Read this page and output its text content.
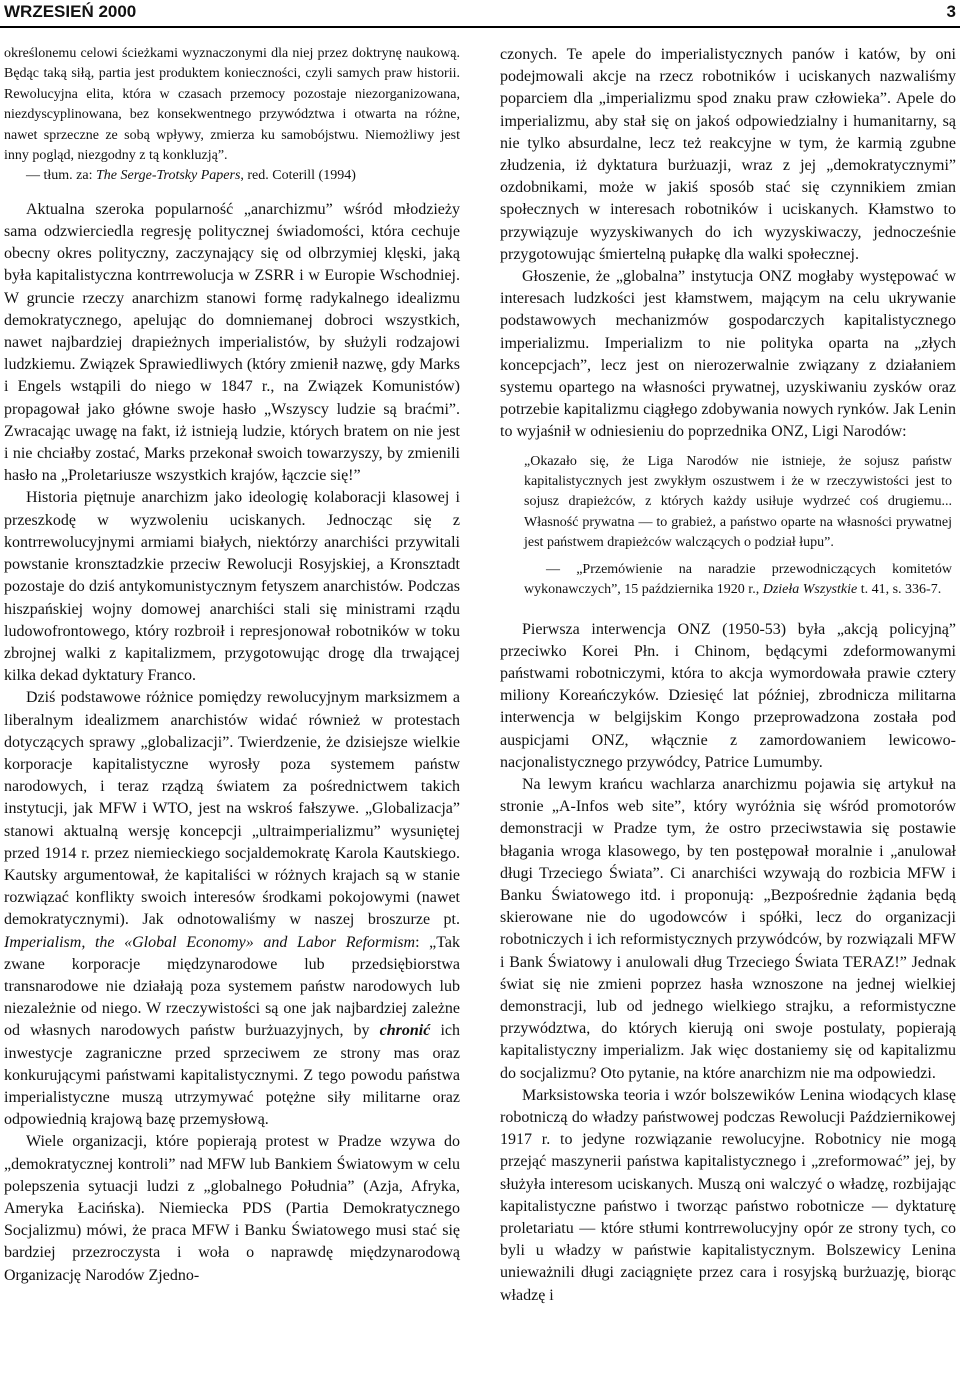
WRZESIEŃ 2000	3

określonemu celowi ścieżkami wyznaczonymi dla niej przez doktrynę naukową. Będąc taką siłą, partia jest produktem konieczności, czyli samych praw historii. Rewolucyjna elita, która w czasach przemocy pozostaje niezorganizowana, niezdyscyplinowana, bez konsekwentnego przywództwa i otwarta na różne, nawet sprzeczne ze sobą wpływy, zmierza ku samobójstwu. Niemożliwy jest inny pogląd, niezgodny z tą konkluzją”.

— tłum. za: The Serge-Trotsky Papers, red. Coterill (1994)

Aktualna szeroka popularność „anarchizmu” wśród młodzieży sama odzwierciedla regresję politycznej świadomości, która cechuje obecny okres polityczny, zaczynający się od olbrzymiej klęski, jaką była kapitalistyczna kontrrewolucja w ZSRR i w Europie Wschodniej. W gruncie rzeczy anarchizm stanowi formę radykalnego idealizmu demokratycznego, apelując do domniemanej dobroci wszystkich, nawet najbardziej drapieżnych imperialistów, by służyli rodzajowi ludzkiemu. Związek Sprawiedliwych (który zmienił nazwę, gdy Marks i Engels wstąpili do niego w 1847 r., na Związek Komunistów) propagował jako główne swoje hasło „Wszyscy ludzie są braćmi”. Zwracając uwagę na fakt, iż istnieją ludzie, których bratem on nie jest i nie chciałby zostać, Marks przekonał swoich towarzyszy, by zmienili hasło na „Proletariusze wszystkich krajów, łączcie się!”

Historia piętnuje anarchizm jako ideologię kolaboracji klasowej i przeszkodę w wyzwoleniu uciskanych. Jednocząc się z kontrrewolucyjnymi armiami białych, niektórzy anarchiści przywitali powstanie kronsztadzkie przeciw Rewolucji Rosyjskiej, a Kronsztadt pozostaje do dziś antykomunistycznym fetyszem anarchistów. Podczas hiszpańskiej wojny domowej anarchiści stali się ministrami rządu ludowofrontowego, który rozbroił i represjonował robotników w toku zbrojnej walki z kapitalizmem, przygotowując drogę dla trwającej kilka dekad dyktatury Franco.

Dziś podstawowe różnice pomiędzy rewolucyjnym marksizmem a liberalnym idealizmem anarchistów widać również w protestach dotyczących sprawy „globalizacji”. Twierdzenie, że dzisiejsze wielkie korporacje kapitalistyczne wyrosły poza systemem państw narodowych, i teraz rządzą światem za pośrednictwem takich instytucji, jak MFW i WTO, jest na wskroś fałszywe. „Globalizacja” stanowi aktualną wersję koncepcji „ultraimperializmu” wysuniętej przed 1914 r. przez niemieckiego socjaldemokratę Karola Kautskiego. Kautsky argumentował, że kapitaliści w różnych krajach są w stanie rozwiązać konflikty swoich interesów środkami pokojowymi (nawet demokratycznymi). Jak odnotowaliśmy w naszej broszurze pt. Imperialism, the «Global Economy» and Labor Reformism: „Tak zwane korporacje międzynarodowe lub przedsiębiorstwa transnarodowe nie działają poza systemem państw narodowych lub niezależnie od niego. W rzeczywistości są one jak najbardziej zależne od własnych narodowych państw burżuazyjnych, by chronić ich inwestycje zagraniczne przed sprzeciwem ze strony mas oraz konkurującymi państwami kapitalistycznymi. Z tego powodu państwa imperialistyczne muszą utrzymywać potężne siły militarne oraz odpowiednią krajową bazę przemysłową.

Wiele organizacji, które popierają protest w Pradze wzywa do „demokratycznej kontroli” nad MFW lub Bankiem Światowym w celu polepszenia sytuacji ludzi z „globalnego Południa” (Azja, Afryka, Ameryka Łacińska). Niemiecka PDS (Partia Demokratycznego Socjalizmu) mówi, że praca MFW i Banku Światowego musi stać się bardziej przezroczysta i woła o naprawdę międzynarodową Organizację Narodów Zjedno-

czonych. Te apele do imperialistycznych panów i katów, by oni podejmowali akcje na rzecz robotników i uciskanych nazwaliśmy poparciem dla „imperializmu spod znaku praw człowieka”. Apele do imperializmu, aby stał się on jakoś odpowiedzialny i humanitarny, są nie tylko absurdalne, lecz też reakcyjne w tym, że karmią zgubne złudzenia, iż dyktatura burżuazji, wraz z jej „demokratycznymi” ozdobnikami, może w jakiś sposób stać się czynnikiem zmian społecznych w interesach robotników i uciskanych. Kłamstwo to przywiązuje wyzyskiwanych do ich wyzyskiwaczy, jednocześnie przygotowując śmiertelną pułapkę dla walki społecznej.

Głoszenie, że „globalna” instytucja ONZ mogłaby występować w interesach ludzkości jest kłamstwem, mającym na celu ukrywanie podstawowych mechanizmów gospodarczych kapitalistycznego imperializmu. Imperializm to nie polityka oparta na „złych koncepcjach”, lecz jest on nierozerwalnie związany z działaniem systemu opartego na własności prywatnej, uzyskiwaniu zysków oraz potrzebie kapitalizmu ciągłego zdobywania nowych rynków. Jak Lenin to wyjaśnił w odniesieniu do poprzednika ONZ, Ligi Narodów:

„Okazało się, że Liga Narodów nie istnieje, że sojusz państw kapitalistycznych jest zwykłym oszustwem i że w rzeczywistości jest to sojusz drapieżców, z których każdy usiłuje wydrzeć coś drugiemu... Własność prywatna — to grabież, a państwo oparte na własności prywatnej jest państwem drapieżców walczących o podział łupu”.

— „Przemówienie na naradzie przewodniczących komitetów wykonawczych”, 15 października 1920 r., Dzieła Wszystkie t. 41, s. 336-7.

Pierwsza interwencja ONZ (1950-53) była „akcją policyjną” przeciwko Korei Płn. i Chinom, będącymi zdeformowanymi państwami robotniczymi, która to akcja wymordowała prawie cztery miliony Koreańczyków. Dziesięć lat później, zbrodnicza militarna interwencja w belgijskim Kongo przeprowadzona została pod auspicjami ONZ, włącznie z zamordowaniem lewicowo-nacjonalistycznego przywódcy, Patrice Lumumby.

Na lewym krańcu wachlarza anarchizmu pojawia się artykuł na stronie „A-Infos web site”, który wyróżnia się wśród promotorów demonstracji w Pradze tym, że ostro przeciwstawia się postawie błagania wroga klasowego, by ten postępował moralnie i „anulował długi Trzeciego Świata”. Ci anarchiści wzywają do rozbicia MFW i Banku Światowego itd. i proponują: „Bezpośrednie żądania będą skierowane nie do ugodowców i spółki, lecz do organizacji robotniczych i ich reformistycznych przywódców, by rozwiązali MFW i Bank Światowy i anulowali dług Trzeciego Świata TERAZ!” Jednak świat się nie zmieni poprzez hasła wznoszone na jednej wielkiej demonstracji, lub od jednego wielkiego strajku, a reformistyczne przywództwa, do których kierują oni swoje postulaty, popierają kapitalistyczny imperializm. Jak więc dostaniemy się od kapitalizmu do socjalizmu? Oto pytanie, na które anarchizm nie ma odpowiedzi.

Marksistowska teoria i wzór bolszewików Lenina wiodących klasę robotniczą do władzy państwowej podczas Rewolucji Październikowej 1917 r. to jedyne rozwiązanie rewolucyjne. Robotnicy nie mogą przejąć maszynerii państwa kapitalistycznego i „zreformować” jej, by służyła interesom uciskanych. Muszą oni walczyć o władzę, rozbijając kapitalistyczne państwo i tworząc państwo robotnicze — dyktaturę proletariatu — które stłumi kontrrewolucyjny opór ze strony tych, co byli u władzy w państwie kapitalistycznym. Bolszewicy Lenina unieważnili długi zaciągnięte przez cara i rosyjską burżuazję, biorąc władzę i
